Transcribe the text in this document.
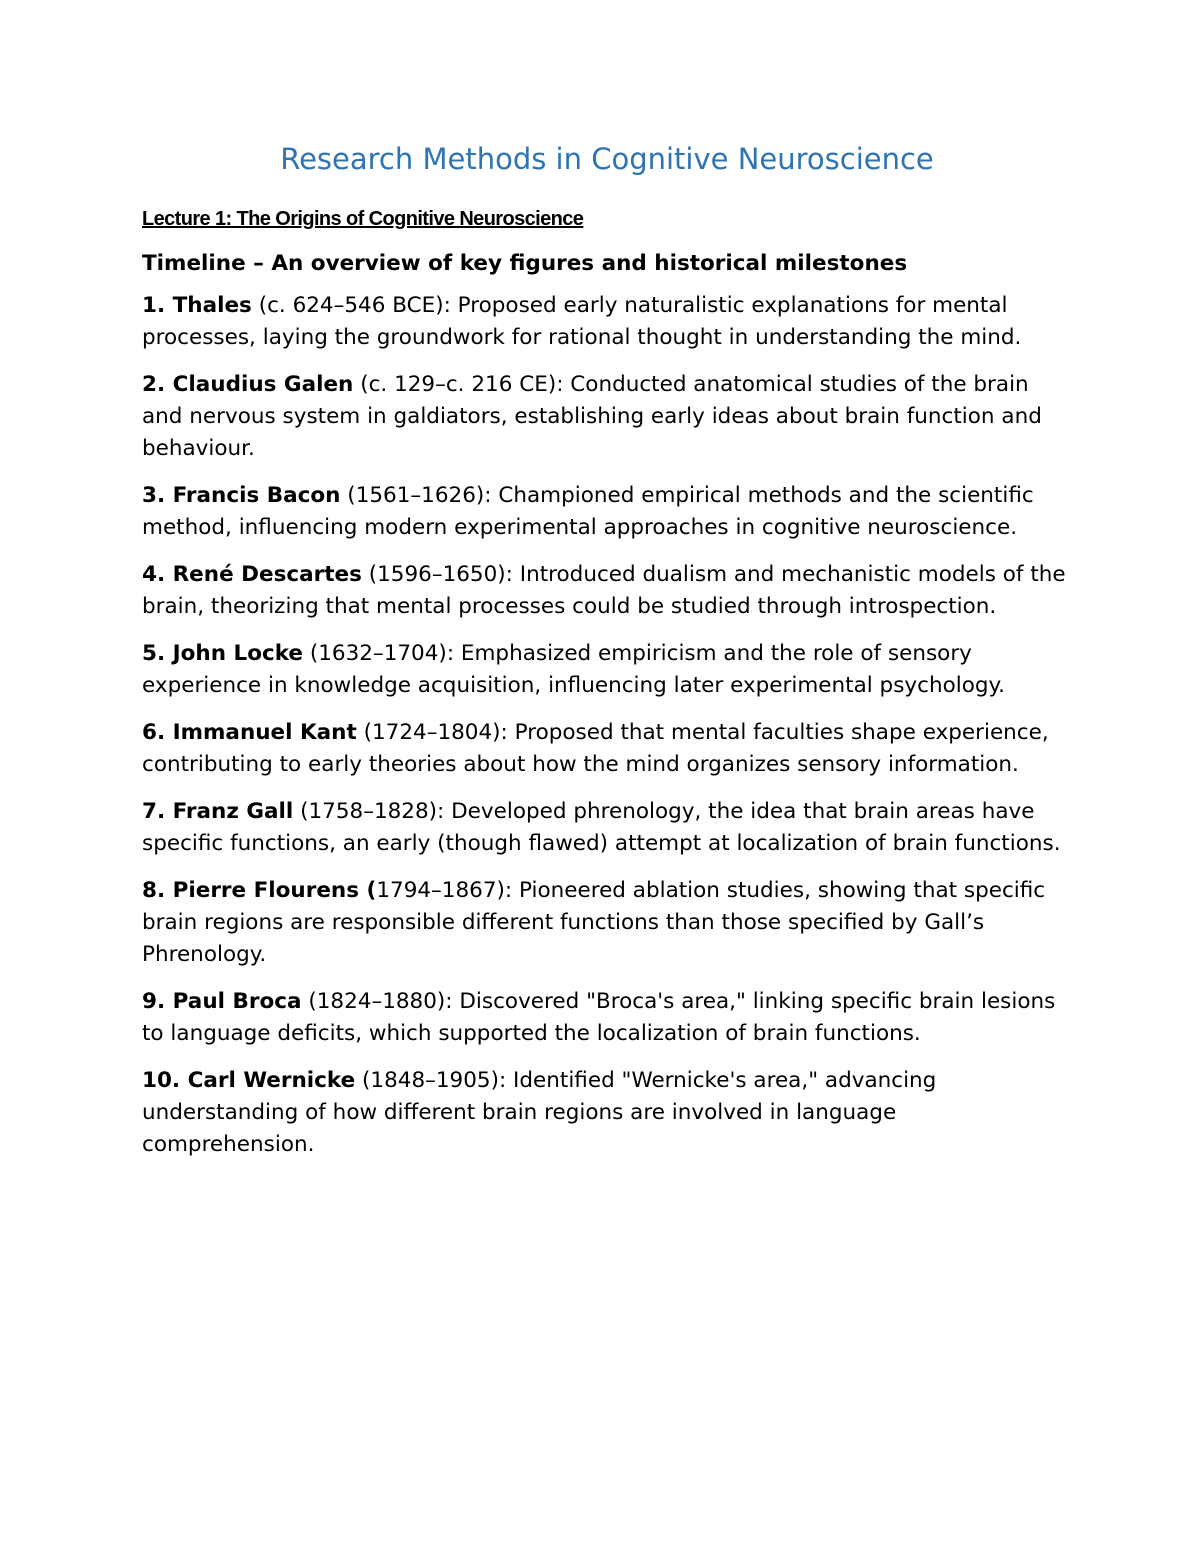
Research Methods in Cognitive Neuroscience
Lecture 1: The Origins of Cognitive Neuroscience
Timeline – An overview of key figures and historical milestones

1. Thales (c. 624–546 BCE): Proposed early naturalistic explanations for mental processes, laying the groundwork for rational thought in understanding the mind.

2. Claudius Galen (c. 129–c. 216 CE): Conducted anatomical studies of the brain and nervous system in galdiators, establishing early ideas about brain function and behaviour.

3. Francis Bacon (1561–1626): Championed empirical methods and the scientific method, influencing modern experimental approaches in cognitive neuroscience.

4. René Descartes (1596–1650): Introduced dualism and mechanistic models of the brain, theorizing that mental processes could be studied through introspection.

5. John Locke (1632–1704): Emphasized empiricism and the role of sensory experience in knowledge acquisition, influencing later experimental psychology.

6. Immanuel Kant (1724–1804): Proposed that mental faculties shape experience, contributing to early theories about how the mind organizes sensory information.

7. Franz Gall (1758–1828): Developed phrenology, the idea that brain areas have specific functions, an early (though flawed) attempt at localization of brain functions.

8. Pierre Flourens (1794–1867): Pioneered ablation studies, showing that specific brain regions are responsible different functions than those specified by Gall’s Phrenology.

9. Paul Broca (1824–1880): Discovered "Broca's area," linking specific brain lesions to language deficits, which supported the localization of brain functions.

10. Carl Wernicke (1848–1905): Identified "Wernicke's area," advancing understanding of how different brain regions are involved in language comprehension.
